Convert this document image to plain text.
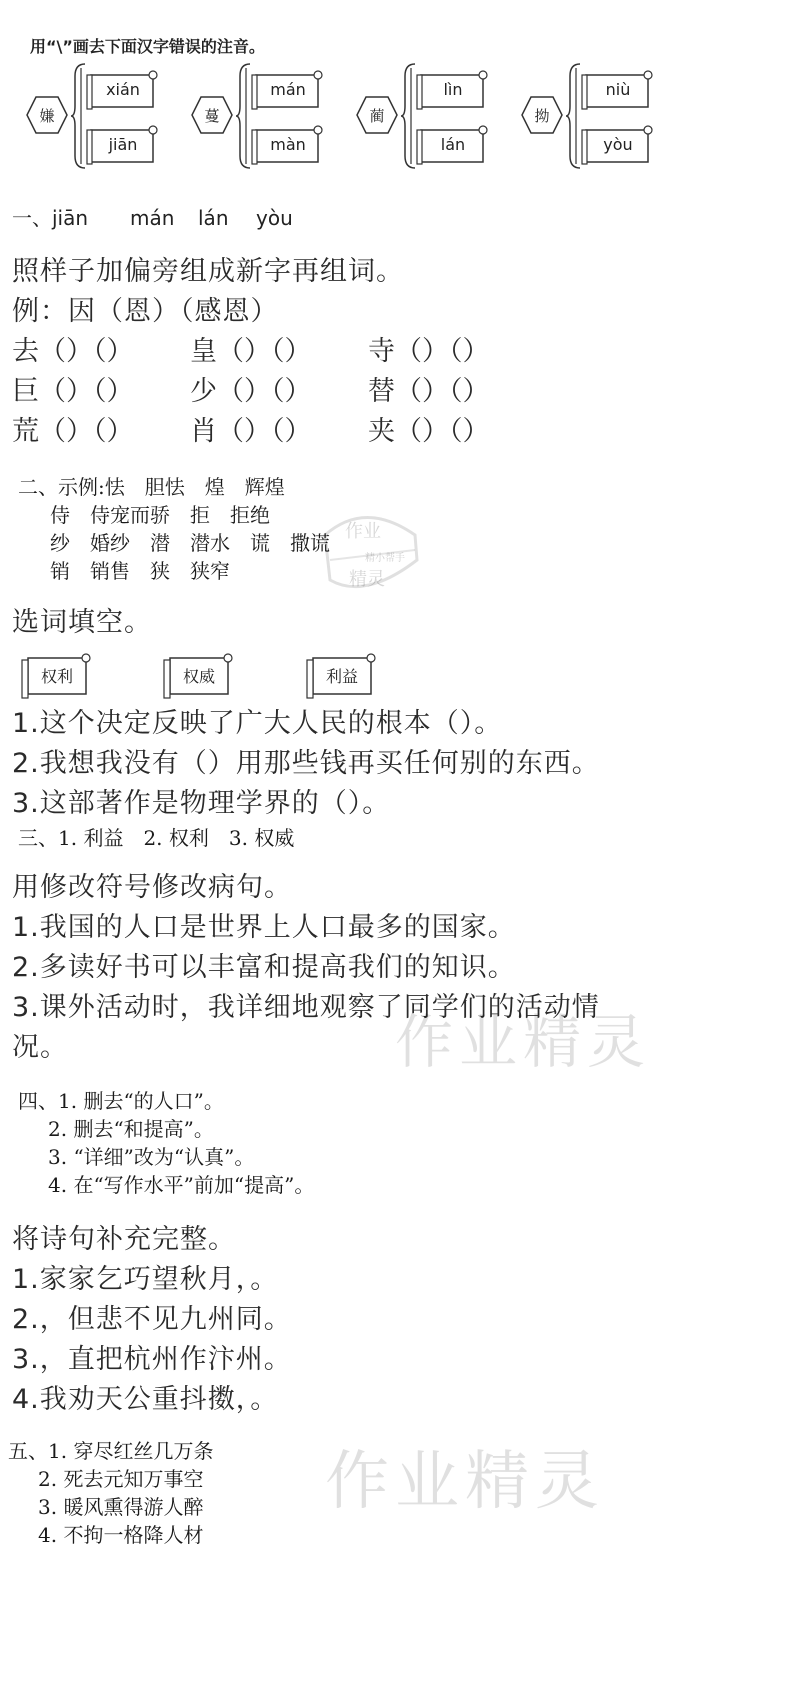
用“\”画去下面汉字错误的注音。
嫌
xián
jiān
蔓
mán
màn
蔺
lìn
lán
拗
niù
yòu
一、 jiān	mán	lán	yòu
照样子加偏旁组成新字再组词。
例：因（恩）（感恩）
去（）（）	皇（）（）	寺（）（）
巨（）（）	少（）（）	替（）（）
荒（）（）	肖（）（）	夹（）（）
二、示例:怯　胆怯　煌　辉煌
侍　侍宠而骄　拒　拒绝
纱　婚纱　潜　潜水　谎　撒谎
销　销售　狭　狭窄
作业
精小帮手
精灵
选词填空。
权利	权威	利益
1.这个决定反映了广大人民的根本（）。
2.我想我没有（）用那些钱再买任何别的东西。
3.这部著作是物理学界的（）。
三、1. 利益　2. 权利　3. 权威
用修改符号修改病句。
1.我国的人口是世界上人口最多的国家。
2.多读好书可以丰富和提高我们的知识。
3.课外活动时，我详细地观察了同学们的活动情
况。	作业精灵
四、1. 删去“的人口”。
2. 删去“和提高”。
3. “详细”改为“认真”。
4. 在“写作水平”前加“提高”。
将诗句补充完整。
1.家家乞巧望秋月，。
2.，但悲不见九州同。
3.，直把杭州作汴州。
4.我劝天公重抖擞，。
五、1. 穿尽红丝几万条
2. 死去元知万事空
3. 暖风熏得游人醉
4. 不拘一格降人材
作业精灵
